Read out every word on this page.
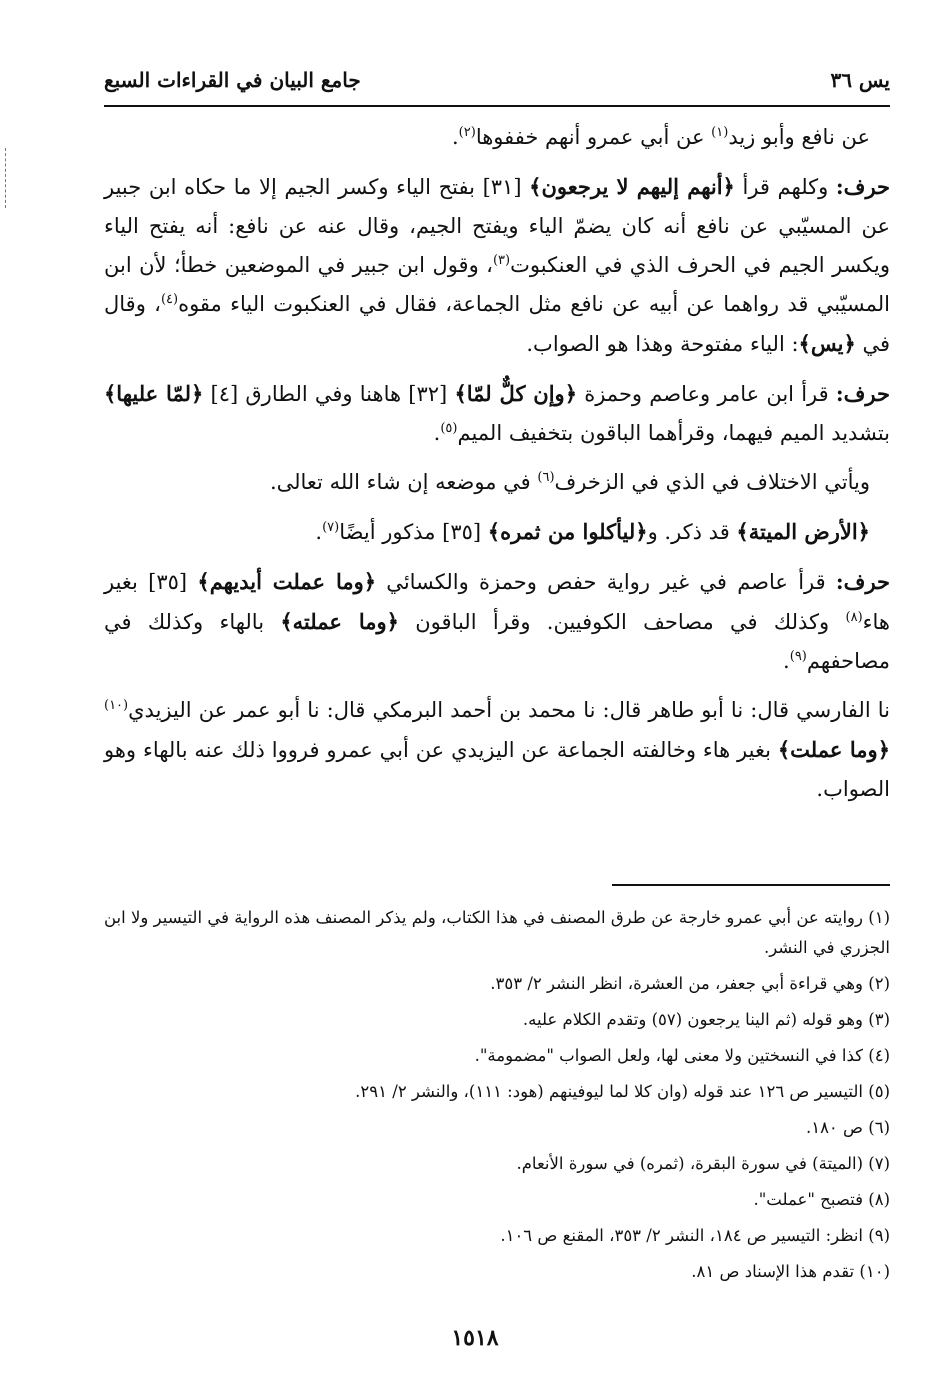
يس ٣٦
جامع البيان في القراءات السبع

عن نافع وأبو زيد$^{(١)}$ عن أبي عمرو أنهم خففوها$^{(٢)}$.

حرف: وكلهم قرأ ﴿أنهم إليهم لا يرجعون﴾ [٣١] بفتح الياء وكسر الجيم إلا ما حكاه ابن جبير عن المسيّبي عن نافع أنه كان يضمّ الياء ويفتح الجيم، وقال عنه عن نافع: أنه يفتح الياء ويكسر الجيم في الحرف الذي في العنكبوت$^{(٣)}$، وقول ابن جبير في الموضعين خطأ؛ لأن ابن المسيّبي قد رواهما عن أبيه عن نافع مثل الجماعة، فقال في العنكبوت الياء مقوه$^{(٤)}$، وقال في ﴿يس﴾: الياء مفتوحة وهذا هو الصواب.

حرف: قرأ ابن عامر وعاصم وحمزة ﴿وإن كلٌّ لمّا﴾ [٣٢] هاهنا وفي الطارق [٤] ﴿لمّا عليها﴾ بتشديد الميم فيهما، وقرأهما الباقون بتخفيف الميم$^{(٥)}$.

ويأتي الاختلاف في الذي في الزخرف$^{(٦)}$ في موضعه إن شاء الله تعالى.

﴿الأرض الميتة﴾ قد ذكر. و﴿ليأكلوا من ثمره﴾ [٣٥] مذكور أيضًا$^{(٧)}$.

حرف: قرأ عاصم في غير رواية حفص وحمزة والكسائي ﴿وما عملت أيديهم﴾ [٣٥] بغير هاء$^{(٨)}$ وكذلك في مصاحف الكوفيين. وقرأ الباقون ﴿وما عملته﴾ بالهاء وكذلك في مصاحفهم$^{(٩)}$.

نا الفارسي قال: نا أبو طاهر قال: نا محمد بن أحمد البرمكي قال: نا أبو عمر عن اليزيدي$^{(١٠)}$ ﴿وما عملت﴾ بغير هاء وخالفته الجماعة عن اليزيدي عن أبي عمرو فرووا ذلك عنه بالهاء وهو الصواب.

(١) روايته عن أبي عمرو خارجة عن طرق المصنف في هذا الكتاب، ولم يذكر المصنف هذه الرواية في التيسير ولا ابن الجزري في النشر.

(٢) وهي قراءة أبي جعفر، من العشرة، انظر النشر ٢/ ٣٥٣.

(٣) وهو قوله (ثم الينا يرجعون (٥٧) وتقدم الكلام عليه.

(٤) كذا في النسختين ولا معنى لها، ولعل الصواب "مضمومة".

(٥) التيسير ص ١٢٦ عند قوله (وان كلا لما ليوفينهم (هود: ١١١)، والنشر ٢/ ٢٩١.

(٦) ص ١٨٠.

(٧) (الميتة) في سورة البقرة، (ثمره) في سورة الأنعام.

(٨) فتصبح "عملت".

(٩) انظر: التيسير ص ١٨٤، النشر ٢/ ٣٥٣، المقنع ص ١٠٦.

(١٠) تقدم هذا الإسناد ص ٨١.

١٥١٨
